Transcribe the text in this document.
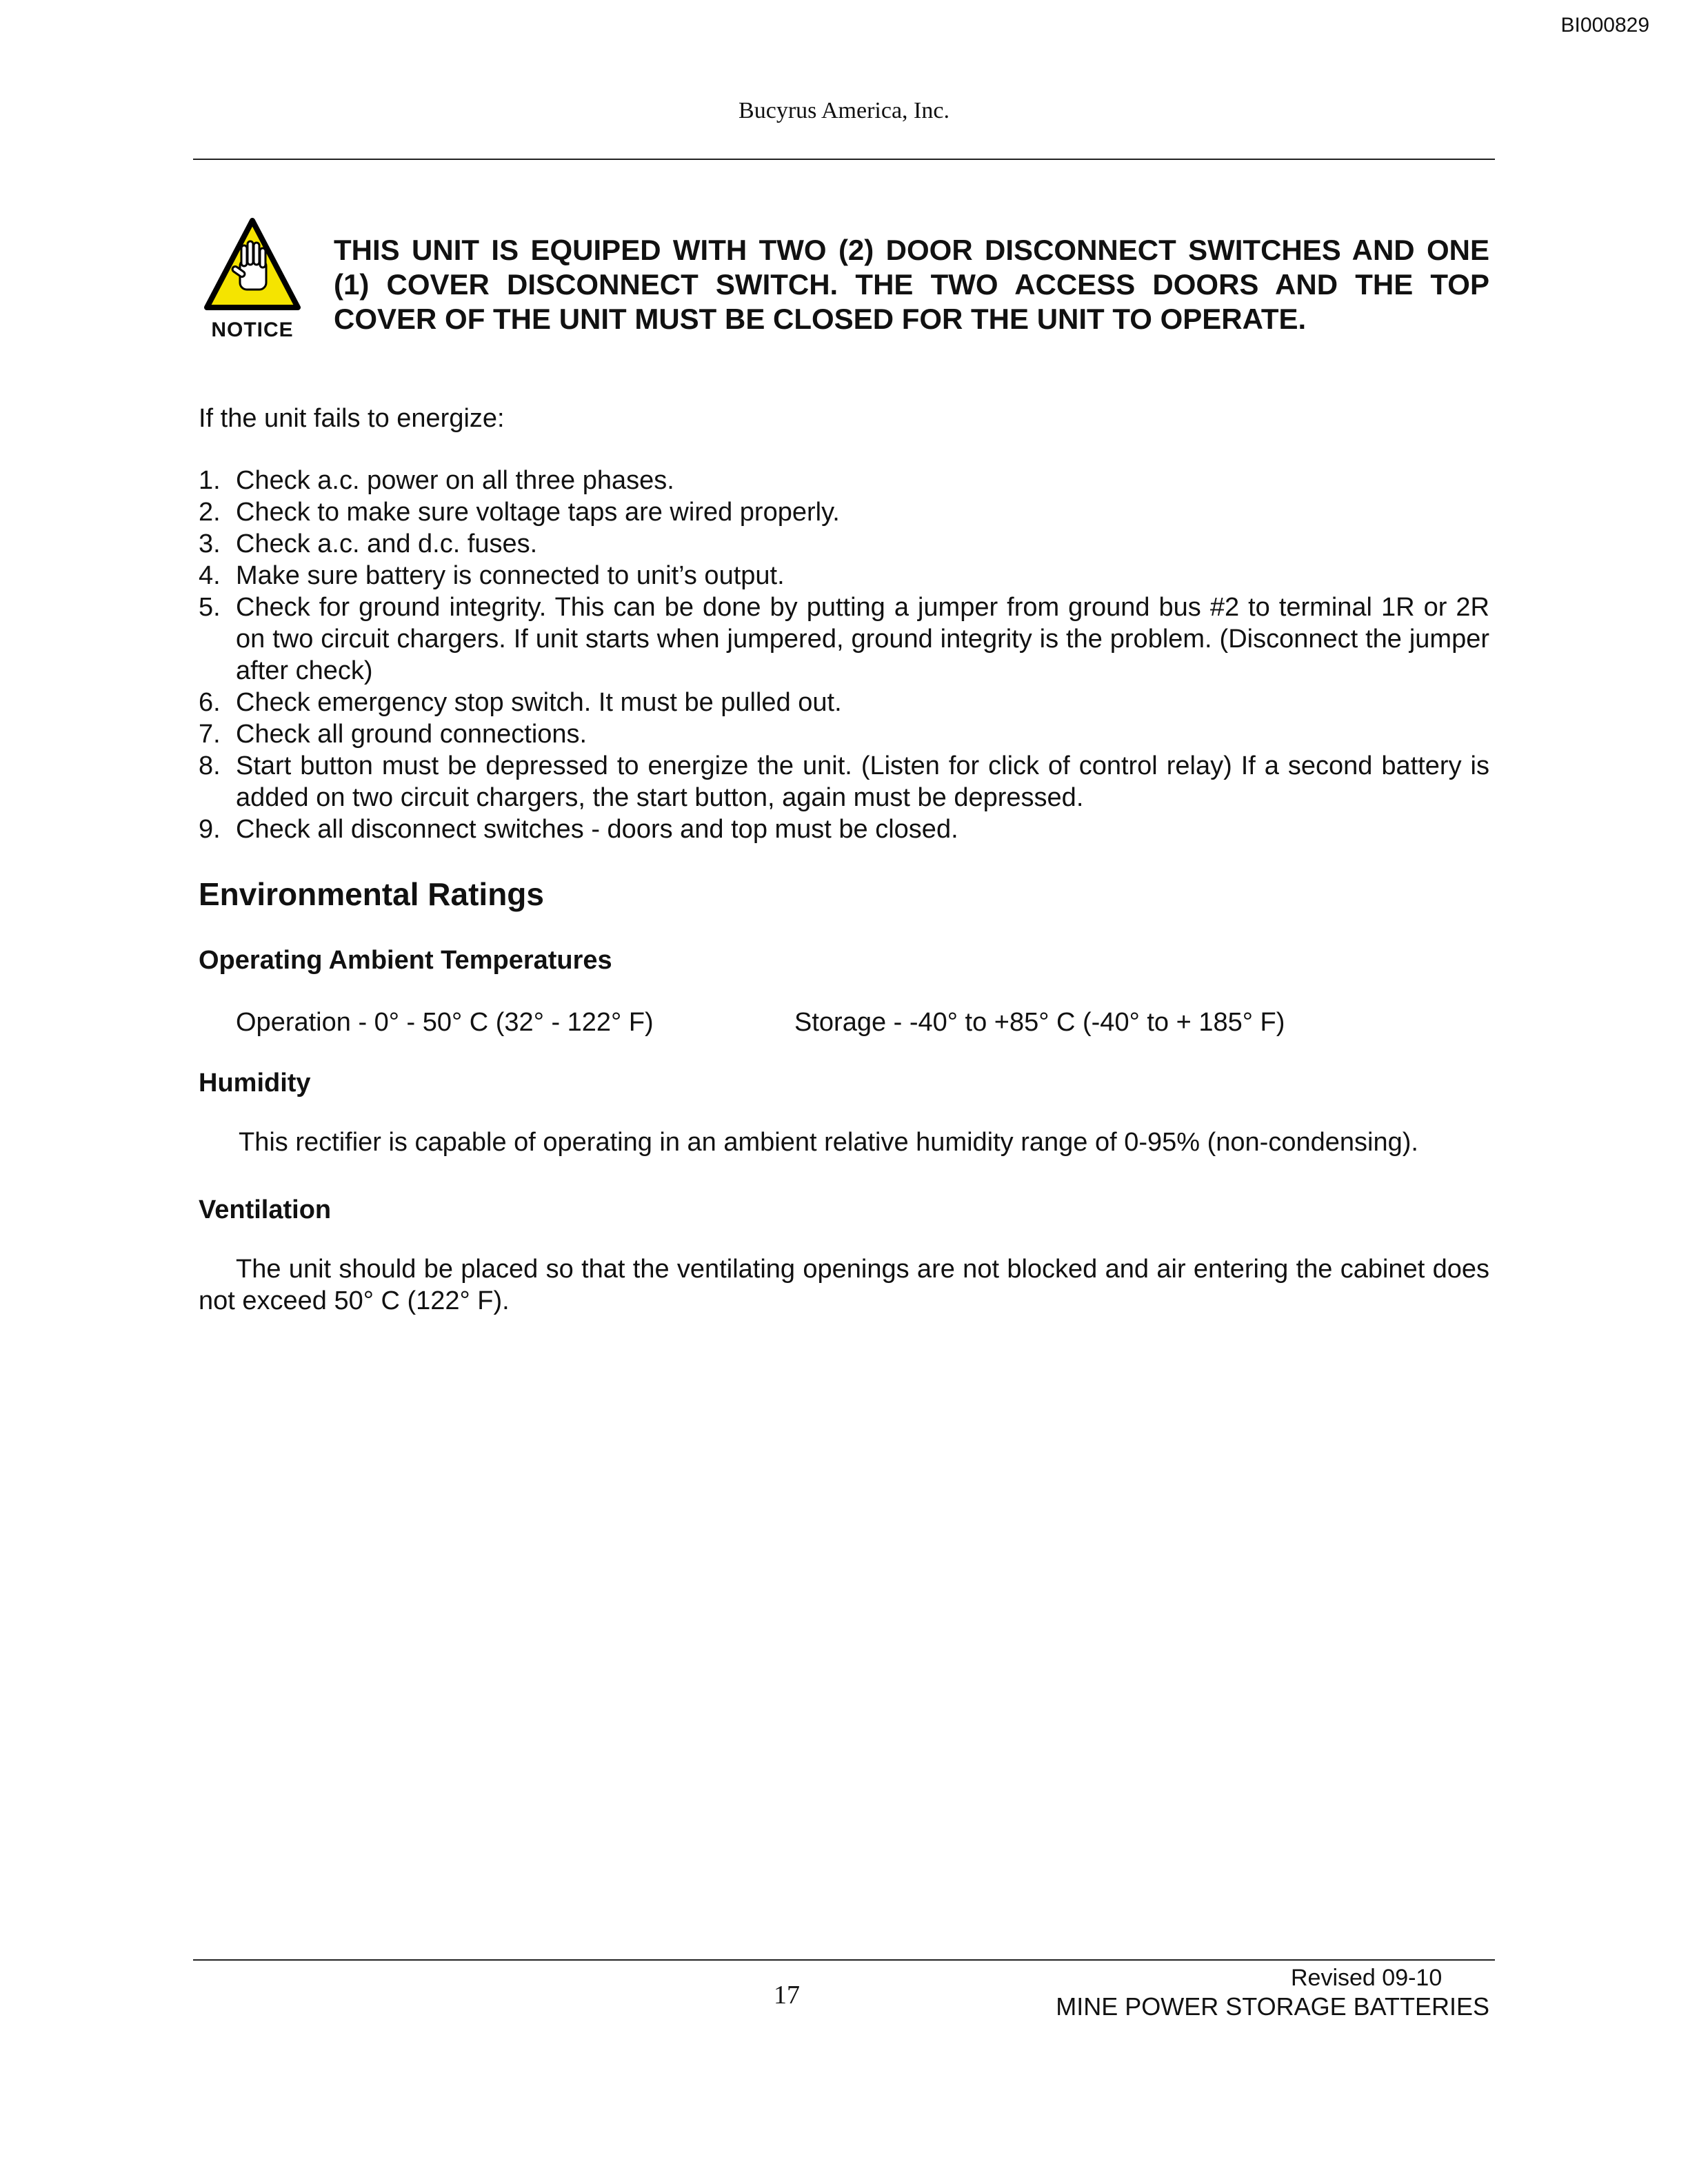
BI000829
Bucyrus America, Inc.
NOTICE
THIS UNIT IS EQUIPED WITH TWO (2) DOOR DISCONNECT SWITCHES AND ONE (1) COVER DISCONNECT SWITCH. THE TWO ACCESS DOORS AND THE TOP COVER OF THE UNIT MUST BE CLOSED FOR THE UNIT TO OPERATE.
If the unit fails to energize:
1. Check a.c. power on all three phases.
2. Check to make sure voltage taps are wired properly.
3. Check a.c. and d.c. fuses.
4. Make sure battery is connected to unit’s output.
5. Check for ground integrity. This can be done by putting a jumper from ground bus #2 to terminal 1R or 2R on two circuit chargers. If unit starts when jumpered, ground integrity is the problem. (Disconnect the jumper after check)
6. Check emergency stop switch. It must be pulled out.
7. Check all ground connections.
8. Start button must be depressed to energize the unit. (Listen for click of control relay) If a second battery is added on two circuit chargers, the start button, again must be depressed.
9. Check all disconnect switches - doors and top must be closed.
Environmental Ratings
Operating Ambient Temperatures
Operation - 0° - 50° C (32° - 122° F)	Storage - -40° to +85° C (-40° to + 185° F)
Humidity
This rectifier is capable of operating in an ambient relative humidity range of 0-95% (non-condensing).
Ventilation
The unit should be placed so that the ventilating openings are not blocked and air entering the cabinet does not exceed 50° C (122° F).
17
Revised 09-10
MINE POWER STORAGE BATTERIES
